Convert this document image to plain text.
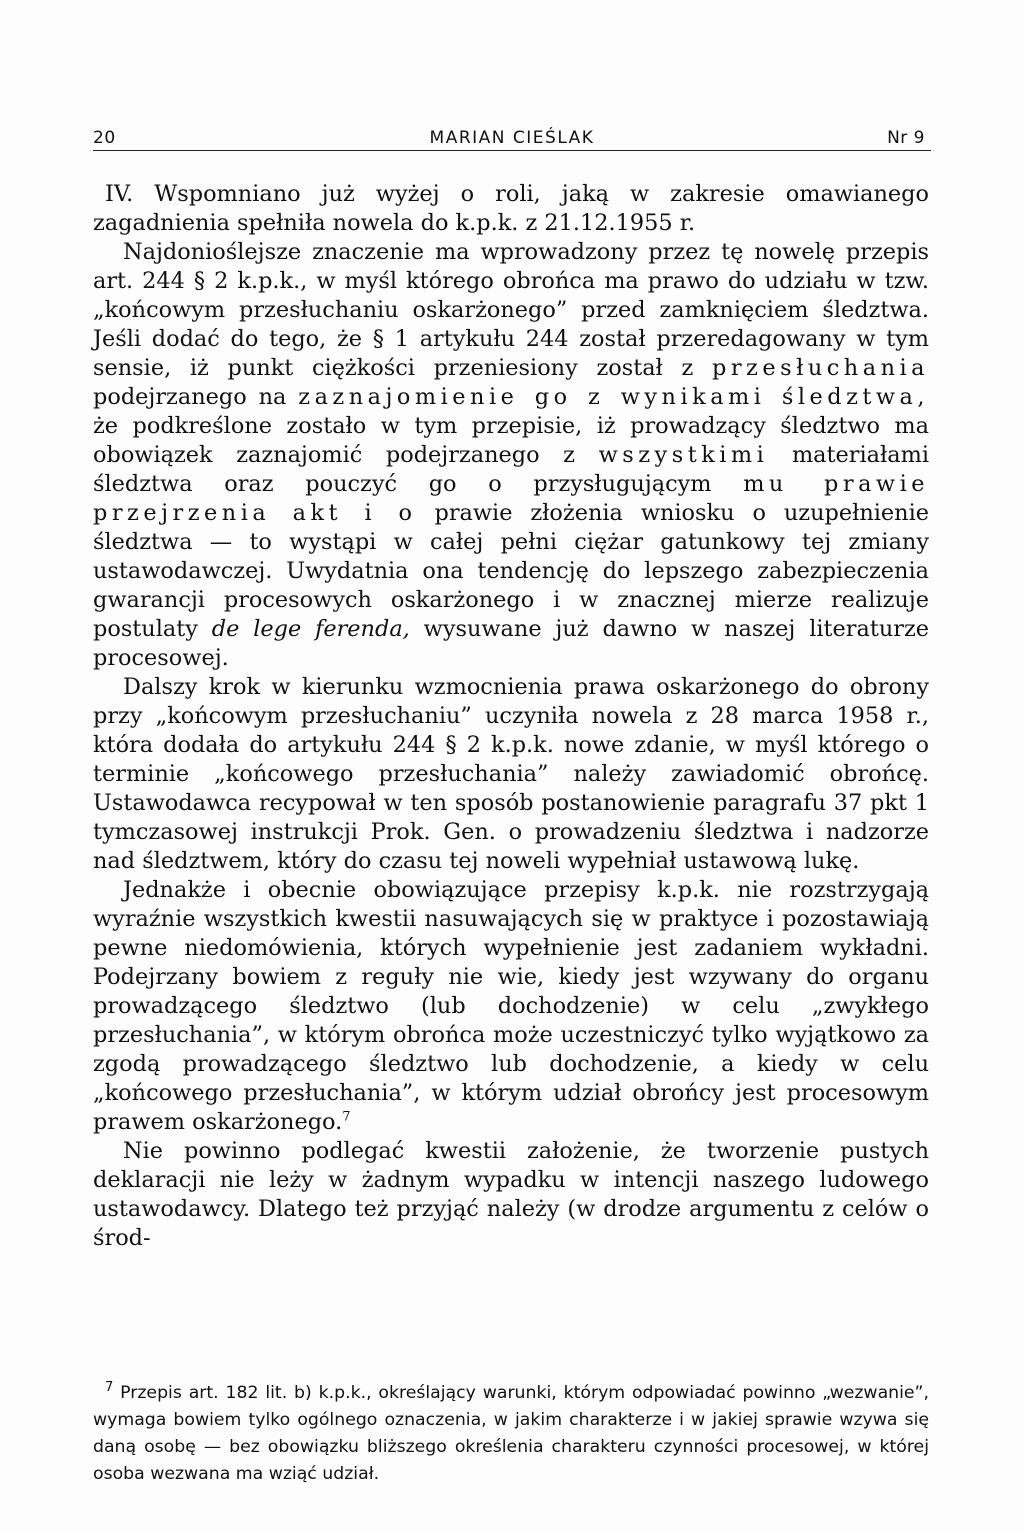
20	MARIAN CIEŚLAK	Nr 9

IV. Wspomniano już wyżej o roli, jaką w zakresie omawianego zagadnienia spełniła nowela do k.p.k. z 21.12.1955 r.

Najdonioślejsze znaczenie ma wprowadzony przez tę nowelę przepis art. 244 § 2 k.p.k., w myśl którego obrońca ma prawo do udziału w tzw. „końcowym przesłuchaniu oskarżonego” przed zamknięciem śledztwa. Jeśli dodać do tego, że § 1 artykułu 244 został przeredagowany w tym sensie, iż punkt ciężkości przeniesiony został z przesłuchania podejrzanego na zaznajomienie go z wynikami śledztwa, że podkreślone zostało w tym przepisie, iż prowadzący śledztwo ma obowiązek zaznajomić podejrzanego z wszystkimi materiałami śledztwa oraz pouczyć go o przysługującym mu prawie przejrzenia akt i o prawie złożenia wniosku o uzupełnienie śledztwa — to wystąpi w całej pełni ciężar gatunkowy tej zmiany ustawodawczej. Uwydatnia ona tendencję do lepszego zabezpieczenia gwarancji procesowych oskarżonego i w znacznej mierze realizuje postulaty de lege ferenda, wysuwane już dawno w naszej literaturze procesowej.

Dalszy krok w kierunku wzmocnienia prawa oskarżonego do obrony przy „końcowym przesłuchaniu” uczyniła nowela z 28 marca 1958 r., która dodała do artykułu 244 § 2 k.p.k. nowe zdanie, w myśl którego o terminie „końcowego przesłuchania” należy zawiadomić obrońcę. Ustawodawca recypował w ten sposób postanowienie paragrafu 37 pkt 1 tymczasowej instrukcji Prok. Gen. o prowadzeniu śledztwa i nadzorze nad śledztwem, który do czasu tej noweli wypełniał ustawową lukę.

Jednakże i obecnie obowiązujące przepisy k.p.k. nie rozstrzygają wyraźnie wszystkich kwestii nasuwających się w praktyce i pozostawiają pewne niedomówienia, których wypełnienie jest zadaniem wykładni. Podejrzany bowiem z reguły nie wie, kiedy jest wzywany do organu prowadzącego śledztwo (lub dochodzenie) w celu „zwykłego przesłuchania”, w którym obrońca może uczestniczyć tylko wyjątkowo za zgodą prowadzącego śledztwo lub dochodzenie, a kiedy w celu „końcowego przesłuchania”, w którym udział obrońcy jest procesowym prawem oskarżonego.$^7$

Nie powinno podlegać kwestii założenie, że tworzenie pustych deklaracji nie leży w żadnym wypadku w intencji naszego ludowego ustawodawcy. Dlatego też przyjąć należy (w drodze argumentu z celów o środ-

$^7$ Przepis art. 182 lit. b) k.p.k., określający warunki, którym odpowiadać powinno „wezwanie”, wymaga bowiem tylko ogólnego oznaczenia, w jakim charakterze i w jakiej sprawie wzywa się daną osobę — bez obowiązku bliższego określenia charakteru czynności procesowej, w której osoba wezwana ma wziąć udział.
